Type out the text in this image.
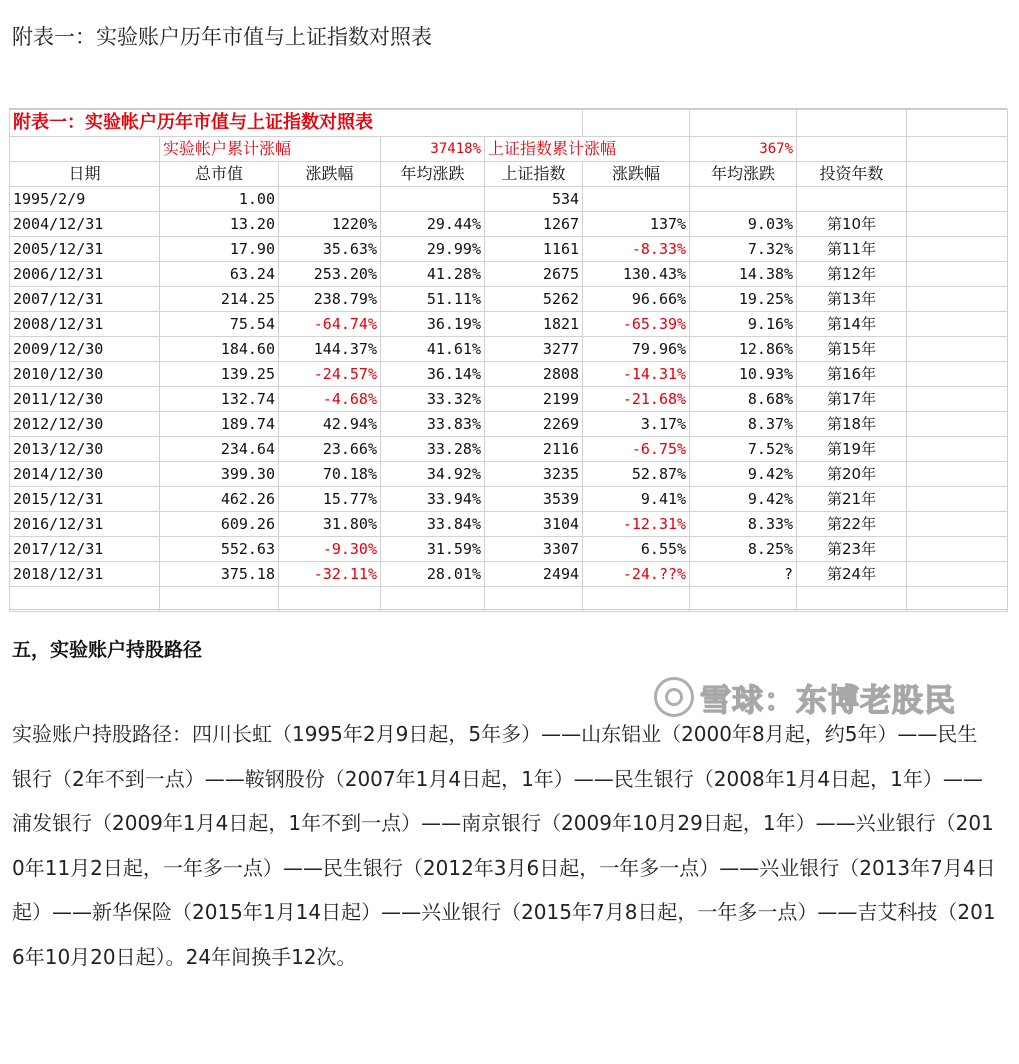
附表一：实验账户历年市值与上证指数对照表
附表一：实验帐户历年市值与上证指数对照表								
	实验帐户累计涨幅		37418%	上证指数累计涨幅		367%		
日期	总市值	涨跌幅	年均涨跌	上证指数	涨跌幅	年均涨跌	投资年数	
1995/2/9	1.00			534				
2004/12/31	13.20	1220%	29.44%	1267	137%	9.03%	第10年	
2005/12/31	17.90	35.63%	29.99%	1161	-8.33%	7.32%	第11年	
2006/12/31	63.24	253.20%	41.28%	2675	130.43%	14.38%	第12年	
2007/12/31	214.25	238.79%	51.11%	5262	96.66%	19.25%	第13年	
2008/12/31	75.54	-64.74%	36.19%	1821	-65.39%	9.16%	第14年	
2009/12/30	184.60	144.37%	41.61%	3277	79.96%	12.86%	第15年	
2010/12/30	139.25	-24.57%	36.14%	2808	-14.31%	10.93%	第16年	
2011/12/30	132.74	-4.68%	33.32%	2199	-21.68%	8.68%	第17年	
2012/12/30	189.74	42.94%	33.83%	2269	3.17%	8.37%	第18年	
2013/12/30	234.64	23.66%	33.28%	2116	-6.75%	7.52%	第19年	
2014/12/30	399.30	70.18%	34.92%	3235	52.87%	9.42%	第20年	
2015/12/31	462.26	15.77%	33.94%	3539	9.41%	9.42%	第21年	
2016/12/31	609.26	31.80%	33.84%	3104	-12.31%	8.33%	第22年	
2017/12/31	552.63	-9.30%	31.59%	3307	6.55%	8.25%	第23年	
2018/12/31	375.18	-32.11%	28.01%	2494	-24.??%	?	第24年	

雪球：东博老股民
五，实验账户持股路径

实验账户持股路径：四川长虹（1995年2月9日起，5年多）——山东铝业（2000年8月起，约5年）——民生银行（2年不到一点）——鞍钢股份（2007年1月4日起，1年）——民生银行（2008年1月4日起，1年）——浦发银行（2009年1月4日起，1年不到一点）——南京银行（2009年10月29日起，1年）——兴业银行（2010年11月2日起，一年多一点）——民生银行（2012年3月6日起，一年多一点）——兴业银行（2013年7月4日起）——新华保险（2015年1月14日起）——兴业银行（2015年7月8日起，一年多一点）——吉艾科技（2016年10月20日起）。24年间换手12次。
